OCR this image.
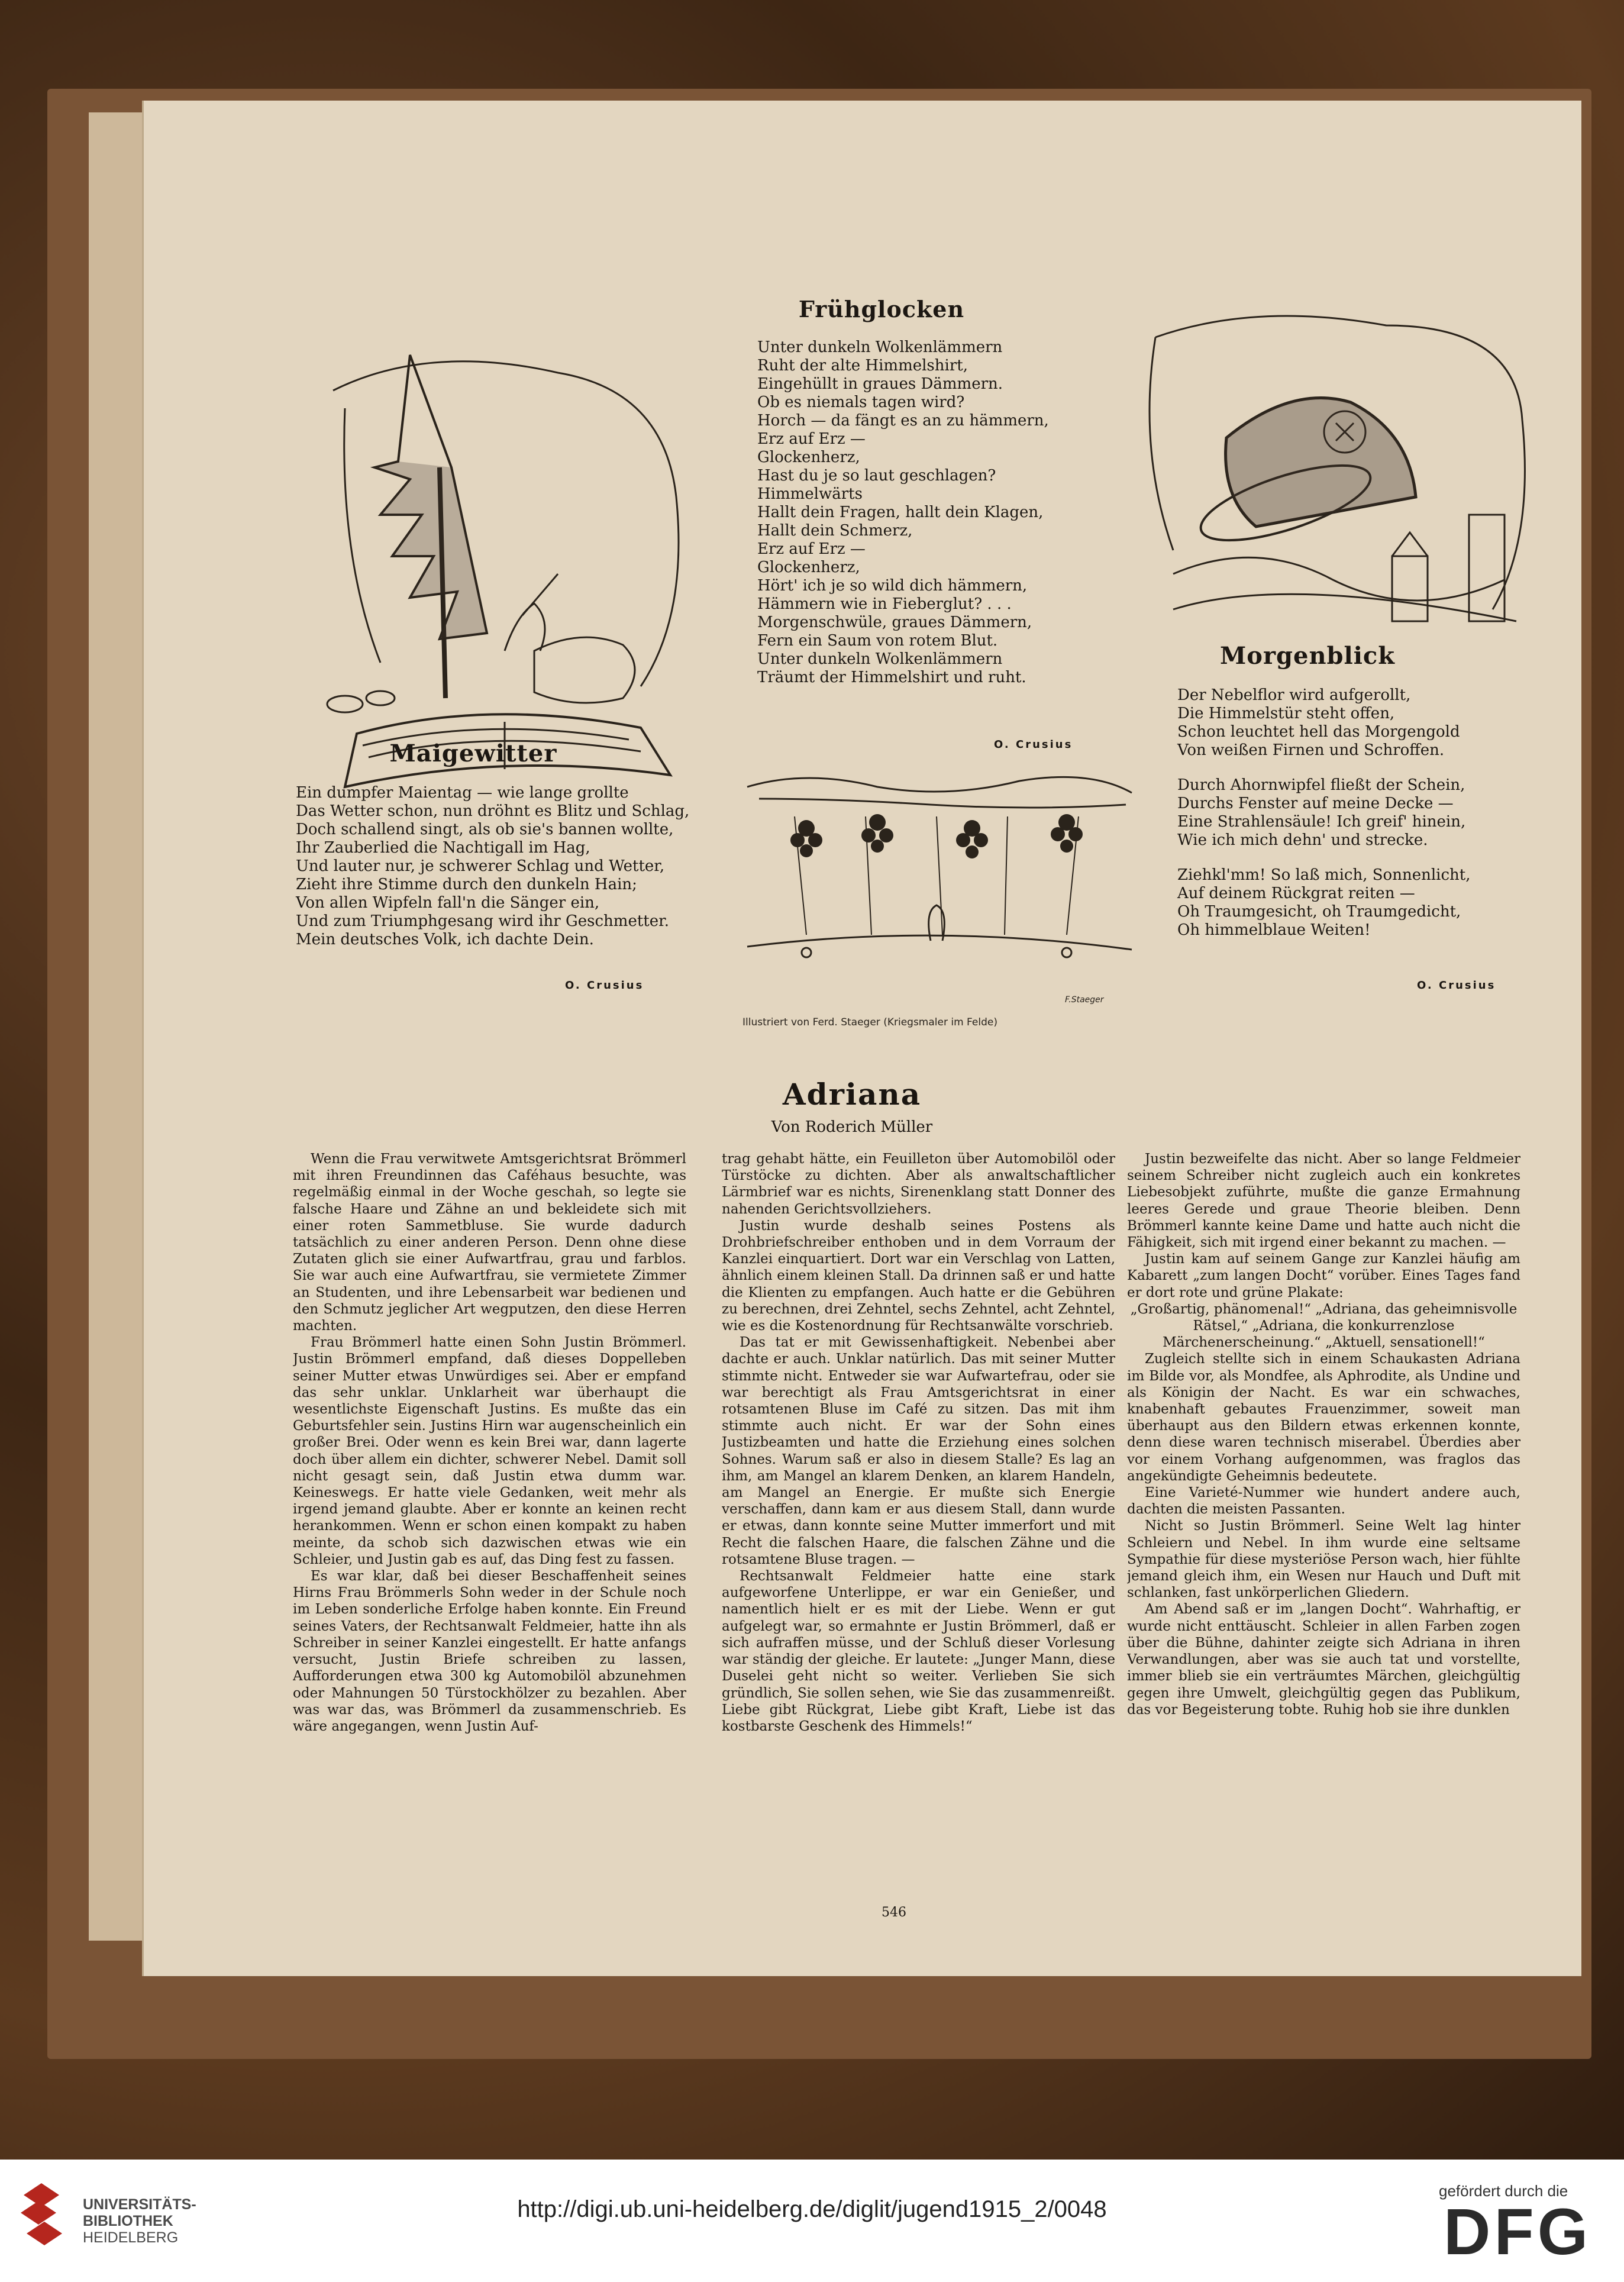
Frühglocken
Unter dunkeln Wolkenlämmern
Ruht der alte Himmelshirt,
Eingehüllt in graues Dämmern.
Ob es niemals tagen wird?
Horch — da fängt es an zu hämmern,
Erz auf Erz —
Glockenherz,
Hast du je so laut geschlagen?
Himmelwärts
Hallt dein Fragen, hallt dein Klagen,
Hallt dein Schmerz,
Erz auf Erz —
Glockenherz,
Hört' ich je so wild dich hämmern,
Hämmern wie in Fieberglut? . . .
Morgenschwüle, graues Dämmern,
Fern ein Saum von rotem Blut.
Unter dunkeln Wolkenlämmern
Träumt der Himmelshirt und ruht.
O. Crusius
Maigewitter
Ein dumpfer Maientag — wie lange grollte
Das Wetter schon, nun dröhnt es Blitz und Schlag,
Doch schallend singt, als ob sie's bannen wollte,
Ihr Zauberlied die Nachtigall im Hag,
Und lauter nur, je schwerer Schlag und Wetter,
Zieht ihre Stimme durch den dunkeln Hain;
Von allen Wipfeln fall'n die Sänger ein,
Und zum Triumphgesang wird ihr Geschmetter.
Mein deutsches Volk, ich dachte Dein.
O. Crusius
Morgenblick
Der Nebelflor wird aufgerollt,
Die Himmelstür steht offen,
Schon leuchtet hell das Morgengold
Von weißen Firnen und Schroffen.
Durch Ahornwipfel fließt der Schein,
Durchs Fenster auf meine Decke —
Eine Strahlensäule! Ich greif' hinein,
Wie ich mich dehn' und strecke.
Ziehkl'mm! So laß mich, Sonnenlicht,
Auf deinem Rückgrat reiten —
Oh Traumgesicht, oh Traumgedicht,
Oh himmelblaue Weiten!
O. Crusius
Illustriert von Ferd. Staeger (Kriegsmaler im Felde)
F.Staeger
Adriana
Von Roderich Müller

Wenn die Frau verwitwete Amtsgerichtsrat Brömmerl mit ihren Freundinnen das Caféhaus besuchte, was regelmäßig einmal in der Woche geschah, so legte sie falsche Haare und Zähne an und bekleidete sich mit einer roten Sammetbluse. Sie wurde dadurch tatsächlich zu einer anderen Person. Denn ohne diese Zutaten glich sie einer Aufwartfrau, grau und farblos. Sie war auch eine Aufwartfrau, sie vermietete Zimmer an Studenten, und ihre Lebensarbeit war bedienen und den Schmutz jeglicher Art wegputzen, den diese Herren machten.

Frau Brömmerl hatte einen Sohn Justin Brömmerl. Justin Brömmerl empfand, daß dieses Doppelleben seiner Mutter etwas Unwürdiges sei. Aber er empfand das sehr unklar. Unklarheit war überhaupt die wesentlichste Eigenschaft Justins. Es mußte das ein Geburtsfehler sein. Justins Hirn war augenscheinlich ein großer Brei. Oder wenn es kein Brei war, dann lagerte doch über allem ein dichter, schwerer Nebel. Damit soll nicht gesagt sein, daß Justin etwa dumm war. Keineswegs. Er hatte viele Gedanken, weit mehr als irgend jemand glaubte. Aber er konnte an keinen recht herankommen. Wenn er schon einen kompakt zu haben meinte, da schob sich dazwischen etwas wie ein Schleier, und Justin gab es auf, das Ding fest zu fassen.

Es war klar, daß bei dieser Beschaffenheit seines Hirns Frau Brömmerls Sohn weder in der Schule noch im Leben sonderliche Erfolge haben konnte. Ein Freund seines Vaters, der Rechtsanwalt Feldmeier, hatte ihn als Schreiber in seiner Kanzlei eingestellt. Er hatte anfangs versucht, Justin Briefe schreiben zu lassen, Aufforderungen etwa 300 kg Automobilöl abzunehmen oder Mahnungen 50 Türstockhölzer zu bezahlen. Aber was war das, was Brömmerl da zusammenschrieb. Es wäre angegangen, wenn Justin Auf-

trag gehabt hätte, ein Feuilleton über Automobilöl oder Türstöcke zu dichten. Aber als anwaltschaftlicher Lärmbrief war es nichts, Sirenenklang statt Donner des nahenden Gerichtsvollziehers.

Justin wurde deshalb seines Postens als Drohbriefschreiber enthoben und in dem Vorraum der Kanzlei einquartiert. Dort war ein Verschlag von Latten, ähnlich einem kleinen Stall. Da drinnen saß er und hatte die Klienten zu empfangen. Auch hatte er die Gebühren zu berechnen, drei Zehntel, sechs Zehntel, acht Zehntel, wie es die Kostenordnung für Rechtsanwälte vorschrieb.

Das tat er mit Gewissenhaftigkeit. Nebenbei aber dachte er auch. Unklar natürlich. Das mit seiner Mutter stimmte nicht. Entweder sie war Aufwartefrau, oder sie war berechtigt als Frau Amtsgerichtsrat in einer rotsamtenen Bluse im Café zu sitzen. Das mit ihm stimmte auch nicht. Er war der Sohn eines Justizbeamten und hatte die Erziehung eines solchen Sohnes. Warum saß er also in diesem Stalle? Es lag an ihm, am Mangel an klarem Denken, an klarem Handeln, am Mangel an Energie. Er mußte sich Energie verschaffen, dann kam er aus diesem Stall, dann wurde er etwas, dann konnte seine Mutter immerfort und mit Recht die falschen Haare, die falschen Zähne und die rotsamtene Bluse tragen. —

Rechtsanwalt Feldmeier hatte eine stark aufgeworfene Unterlippe, er war ein Genießer, und namentlich hielt er es mit der Liebe. Wenn er gut aufgelegt war, so ermahnte er Justin Brömmerl, daß er sich aufraffen müsse, und der Schluß dieser Vorlesung war ständig der gleiche. Er lautete: „Junger Mann, diese Duselei geht nicht so weiter. Verlieben Sie sich gründlich, Sie sollen sehen, wie Sie das zusammenreißt. Liebe gibt Rückgrat, Liebe gibt Kraft, Liebe ist das kostbarste Geschenk des Himmels!“

Justin bezweifelte das nicht. Aber so lange Feldmeier seinem Schreiber nicht zugleich auch ein konkretes Liebesobjekt zuführte, mußte die ganze Ermahnung leeres Gerede und graue Theorie bleiben. Denn Brömmerl kannte keine Dame und hatte auch nicht die Fähigkeit, sich mit irgend einer bekannt zu machen. —

Justin kam auf seinem Gange zur Kanzlei häufig am Kabarett „zum langen Docht“ vorüber. Eines Tages fand er dort rote und grüne Plakate:

„Großartig, phänomenal!“ „Adriana, das geheimnisvolle Rätsel,“ „Adriana, die konkurrenzlose Märchenerscheinung.“ „Aktuell, sensationell!“

Zugleich stellte sich in einem Schaukasten Adriana im Bilde vor, als Mondfee, als Aphrodite, als Undine und als Königin der Nacht. Es war ein schwaches, knabenhaft gebautes Frauenzimmer, soweit man überhaupt aus den Bildern etwas erkennen konnte, denn diese waren technisch miserabel. Überdies aber vor einem Vorhang aufgenommen, was fraglos das angekündigte Geheimnis bedeutete.

Eine Varieté-Nummer wie hundert andere auch, dachten die meisten Passanten.

Nicht so Justin Brömmerl. Seine Welt lag hinter Schleiern und Nebel. In ihm wurde eine seltsame Sympathie für diese mysteriöse Person wach, hier fühlte jemand gleich ihm, ein Wesen nur Hauch und Duft mit schlanken, fast unkörperlichen Gliedern.

Am Abend saß er im „langen Docht“. Wahrhaftig, er wurde nicht enttäuscht. Schleier in allen Farben zogen über die Bühne, dahinter zeigte sich Adriana in ihren Verwandlungen, aber was sie auch tat und vorstellte, immer blieb sie ein verträumtes Märchen, gleichgültig gegen ihre Umwelt, gleichgültig gegen das Publikum, das vor Begeisterung tobte. Ruhig hob sie ihre dunklen

546
UNIVERSITÄTS-
BIBLIOTHEK
HEIDELBERG
http://digi.ub.uni-heidelberg.de/diglit/jugend1915_2/0048
gefördert durch die
DFG
